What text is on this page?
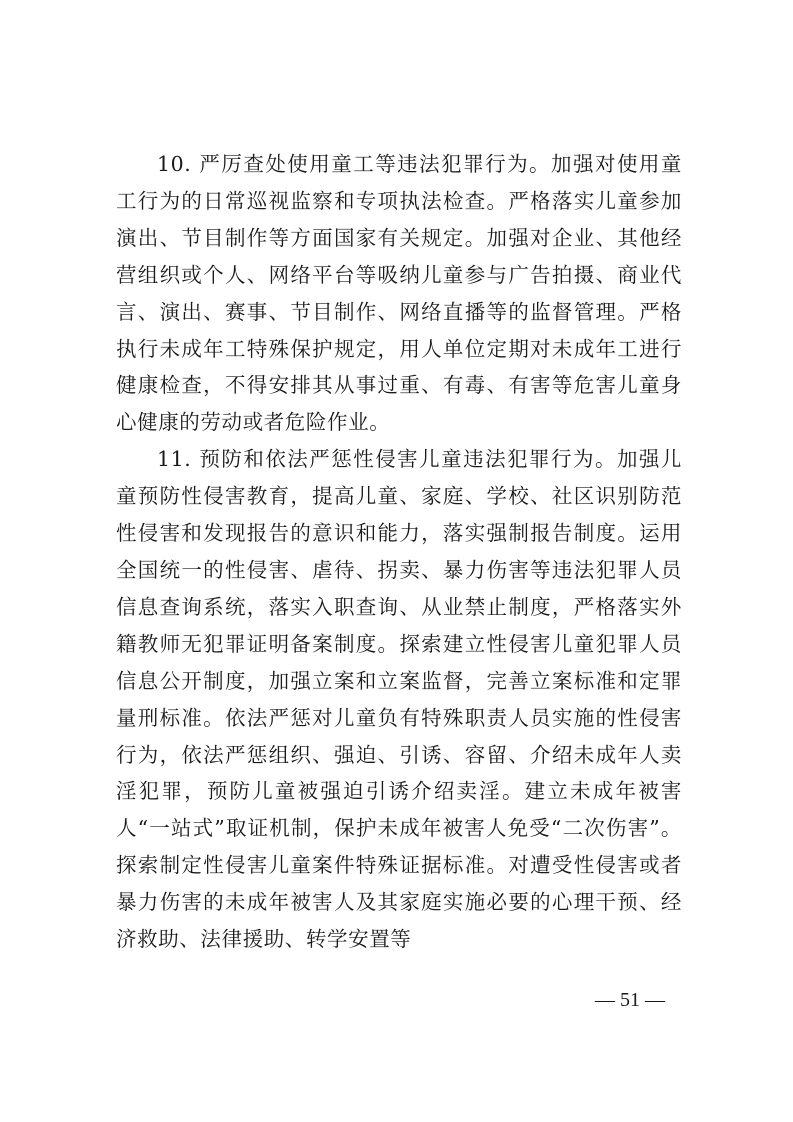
10. 严厉查处使用童工等违法犯罪行为。加强对使用童工行为的日常巡视监察和专项执法检查。严格落实儿童参加演出、节目制作等方面国家有关规定。加强对企业、其他经营组织或个人、网络平台等吸纳儿童参与广告拍摄、商业代言、演出、赛事、节目制作、网络直播等的监督管理。严格执行未成年工特殊保护规定，用人单位定期对未成年工进行健康检查，不得安排其从事过重、有毒、有害等危害儿童身心健康的劳动或者危险作业。

11. 预防和依法严惩性侵害儿童违法犯罪行为。加强儿童预防性侵害教育，提高儿童、家庭、学校、社区识别防范性侵害和发现报告的意识和能力，落实强制报告制度。运用全国统一的性侵害、虐待、拐卖、暴力伤害等违法犯罪人员信息查询系统，落实入职查询、从业禁止制度，严格落实外籍教师无犯罪证明备案制度。探索建立性侵害儿童犯罪人员信息公开制度，加强立案和立案监督，完善立案标准和定罪量刑标准。依法严惩对儿童负有特殊职责人员实施的性侵害行为，依法严惩组织、强迫、引诱、容留、介绍未成年人卖淫犯罪，预防儿童被强迫引诱介绍卖淫。建立未成年被害人“一站式”取证机制，保护未成年被害人免受“二次伤害”。探索制定性侵害儿童案件特殊证据标准。对遭受性侵害或者暴力伤害的未成年被害人及其家庭实施必要的心理干预、经济救助、法律援助、转学安置等

— 51 —
